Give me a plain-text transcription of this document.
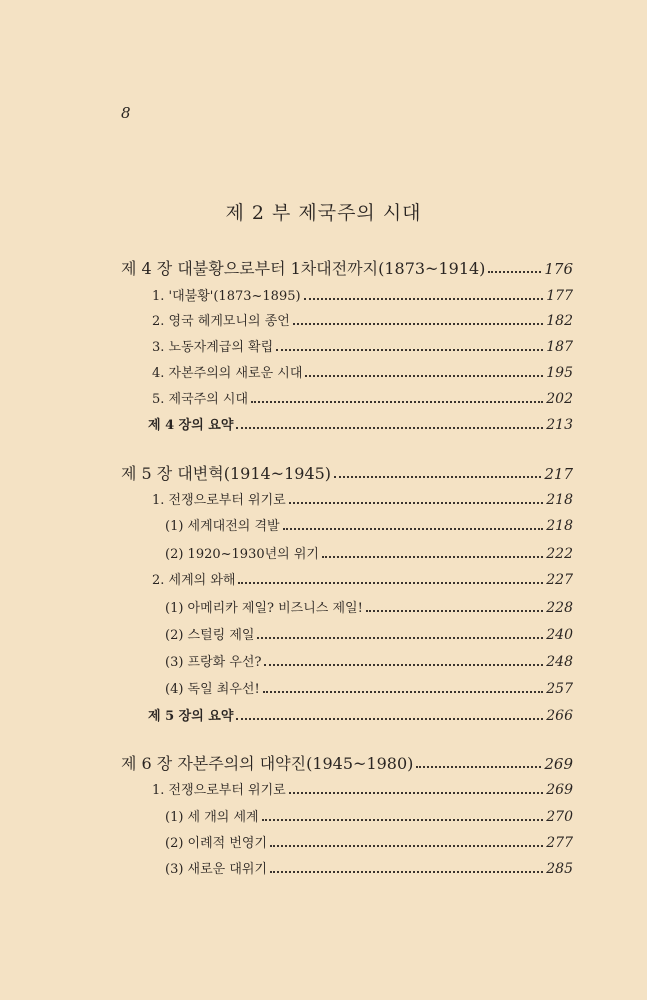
8
제 2 부 제국주의 시대
제 4 장 대불황으로부터 1차대전까지(1873~1914)	176
1. '대불황'(1873~1895)	177
2. 영국 헤게모니의 종언	182
3. 노동자계급의 확립	187
4. 자본주의의 새로운 시대	195
5. 제국주의 시대	202
제 4 장의 요약	213
제 5 장 대변혁(1914~1945)	217
1. 전쟁으로부터 위기로	218
(1) 세계대전의 격발	218
(2) 1920~1930년의 위기	222
2. 세계의 와해	227
(1) 아메리카 제일? 비즈니스 제일!	228
(2) 스털링 제일	240
(3) 프랑화 우선?	248
(4) 독일 최우선!	257
제 5 장의 요약	266
제 6 장 자본주의의 대약진(1945~1980)	269
1. 전쟁으로부터 위기로	269
(1) 세 개의 세계	270
(2) 이례적 번영기	277
(3) 새로운 대위기	285
